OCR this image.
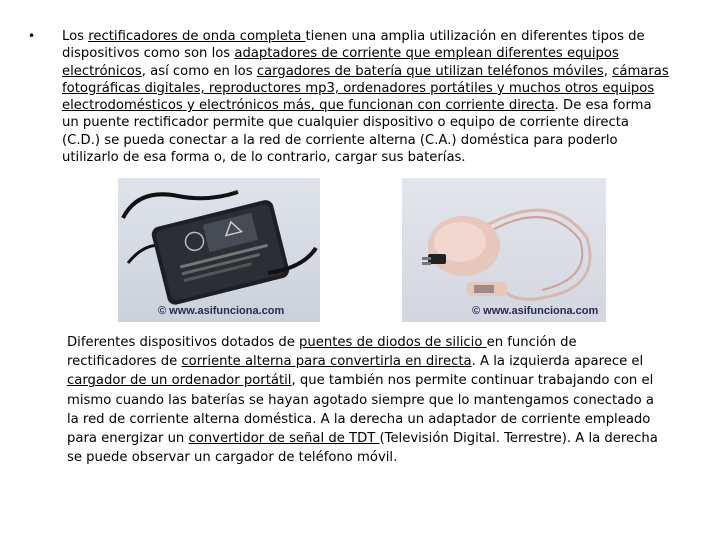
•	Los rectificadores de onda completa tienen una amplia utilización en diferentes tipos de dispositivos como son los adaptadores de corriente que emplean diferentes equipos electrónicos, así como en los cargadores de batería que utilizan teléfonos móviles, cámaras fotográficas digitales, reproductores mp3, ordenadores portátiles y muchos otros equipos electrodomésticos y electrónicos más, que funcionan con corriente directa. De esa forma un puente rectificador permite que cualquier dispositivo o equipo de corriente directa (C.D.) se pueda conectar a la red de corriente alterna (C.A.) doméstica para poderlo utilizarlo de esa forma o, de lo contrario, cargar sus baterías.

© www.asifunciona.com	© www.asifunciona.com

Diferentes dispositivos dotados de puentes de diodos de silicio en función de rectificadores de corriente alterna para convertirla en directa. A la izquierda aparece el cargador de un ordenador portátil, que también nos permite continuar trabajando con el mismo cuando las baterías se hayan agotado siempre que lo mantengamos conectado a la red de corriente alterna doméstica. A la derecha un adaptador de corriente empleado para energizar un convertidor de señal de TDT (Televisión Digital. Terrestre). A la derecha se puede observar un cargador de teléfono móvil.
